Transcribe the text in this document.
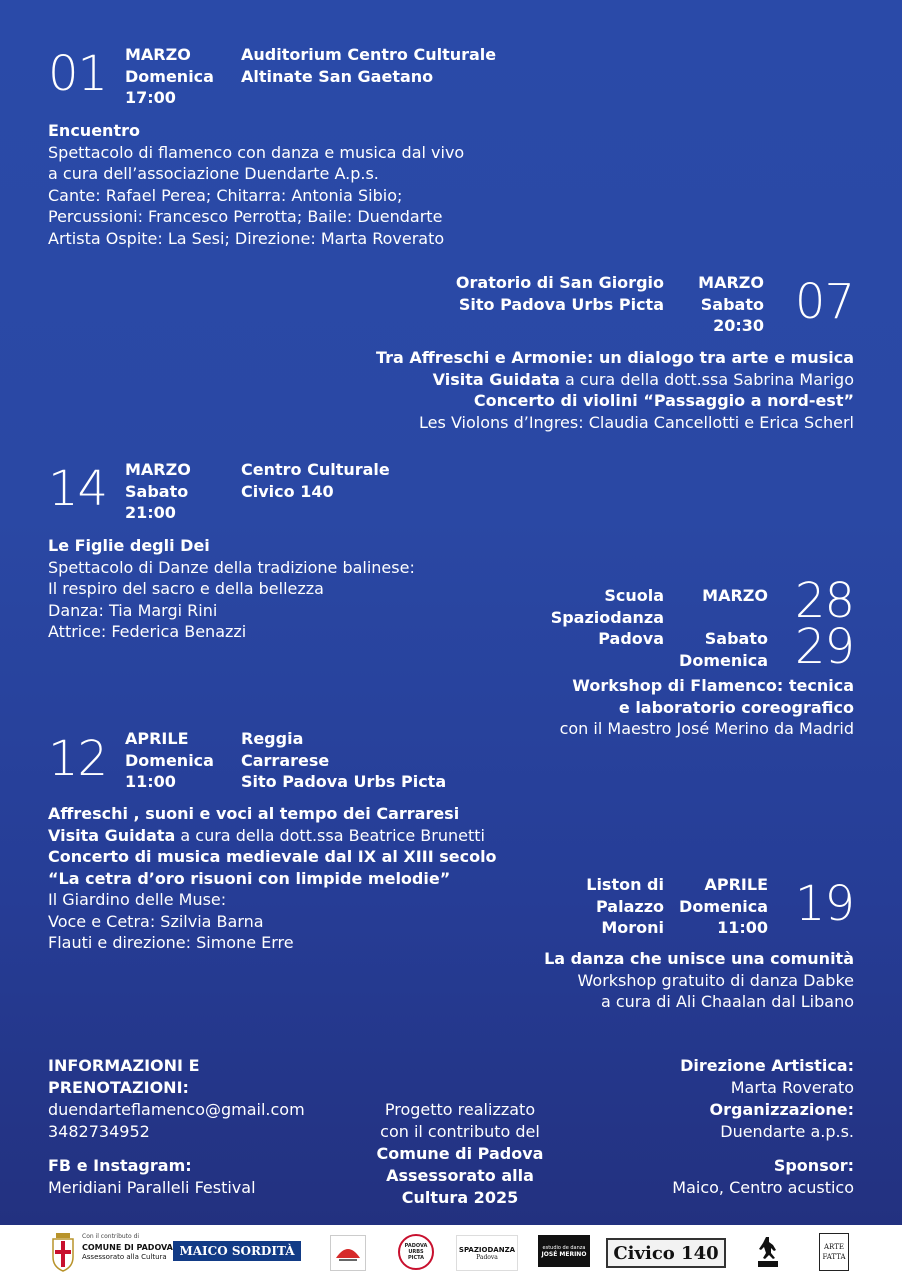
01 MARZO
Domenica
17:00
Auditorium Centro Culturale
Altinate San Gaetano
Encuentro
Spettacolo di flamenco con danza e musica dal vivo
a cura dell’associazione Duendarte A.p.s.
Cante: Rafael Perea; Chitarra: Antonia Sibio;
Percussioni: Francesco Perrotta; Baile: Duendarte
Artista Ospite: La Sesi; Direzione: Marta Roverato
Oratorio di San Giorgio
Sito Padova Urbs Picta
MARZO
Sabato
20:30 07
Tra Affreschi e Armonie: un dialogo tra arte e musica
Visita Guidata a cura della dott.ssa Sabrina Marigo
Concerto di violini “Passaggio a nord-est”
Les Violons d’Ingres: Claudia Cancellotti e Erica Scherl
14 MARZO
Sabato
21:00
Centro Culturale
Civico 140
Le Figlie degli Dei
Spettacolo di Danze della tradizione balinese:
Il respiro del sacro e della bellezza
Danza: Tia Margi Rini
Attrice: Federica Benazzi
Scuola
Spaziodanza
Padova
MARZO
Sabato
Domenica
28
29
Workshop di Flamenco: tecnica
e laboratorio coreografico
con il Maestro José Merino da Madrid
12 APRILE
Domenica
11:00
Reggia
Carrarese
Sito Padova Urbs Picta
Affreschi , suoni e voci al tempo dei Carraresi
Visita Guidata a cura della dott.ssa Beatrice Brunetti
Concerto di musica medievale dal IX al XIII secolo
“La cetra d’oro risuoni con limpide melodie”
Il Giardino delle Muse:
Voce e Cetra: Szilvia Barna
Flauti e direzione: Simone Erre
Liston di
Palazzo
Moroni
APRILE
Domenica
11:00 19
La danza che unisce una comunità
Workshop gratuito di danza Dabke
a cura di Ali Chaalan dal Libano
INFORMAZIONI E
PRENOTAZIONI:
duendarteflamenco@gmail.com
3482734952
FB e Instagram:
Meridiani Paralleli Festival
Progetto realizzato
con il contributo del
Comune di Padova
Assessorato alla
Cultura 2025
Direzione Artistica:
Marta Roverato
Organizzazione:
Duendarte a.p.s.
Sponsor:
Maico, Centro acustico
Con il contributo di
COMUNE DI PADOVA
Assessorato alla Cultura MAICO SORDITÀ	PADOVA
URBS
PICTA
SPAZIODANZA
Padova
estudio de danza
JOSÉ MERINO Civico 140	ARTE
FATTA
